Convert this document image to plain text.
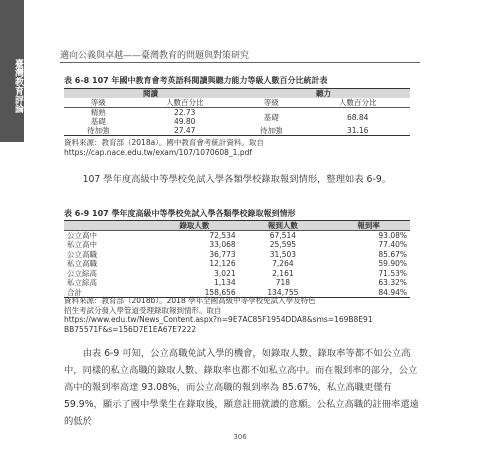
臺灣教育評論
邁向公義與卓越——臺灣教育的問題與對策研究
表 6-8 107 年國中教育會考英語科閱讀與聽力能力等級人數百分比統計表
閱讀		聽力	
等級	人數百分比	等級	人數百分比
精熟	22.73	基礎	68.84
基礎	49.80		
待加強	27.47	待加強	31.16
資料來源：教育部（2018a）。國中教育會考統計資料。取自
https://cap.nace.edu.tw/exam/107/1070608_1.pdf
107 學年度高級中等學校免試入學各類學校錄取報到情形，整理如表 6-9。
表 6-9 107 學年度高級中等學校免試入學各類學校錄取報到情形
	錄取人數	報到人數	報到率
公立高中	72,534	67,514	93.08%
私立高中	33,068	25,595	77.40%
公立高職	36,773	31,503	85.67%
私立高職	12,126	7,264	59.90%
公立綜高	3,021	2,161	71.53%
私立綜高	1,134	718	63.32%
合計	158,656	134,755	84.94%
資料來源：教育部（2018b）。2018 學年全國高級中等學校免試入學及特色
招生考試分發入學管道受理錄取報到情形。取自
https://www.edu.tw/News_Content.aspx?n=9E7AC85F1954DDA8&sms=169B8E91
BB75571F&s=156D7E1EA67E7222
由表 6-9 可知，公立高職免試入學的機會，如錄取人數、錄取率等都不如公立高中，同樣的私立高職的錄取人數、錄取率也都不如私立高中。而在報到率的部分，公立高中的報到率高達 93.08%，而公立高職的報到率為 85.67%，私立高職更僅有 59.9%，顯示了國中學業生在錄取後，顯意註冊就讀的意願。公私立高職的註冊率還遠的低於
306
